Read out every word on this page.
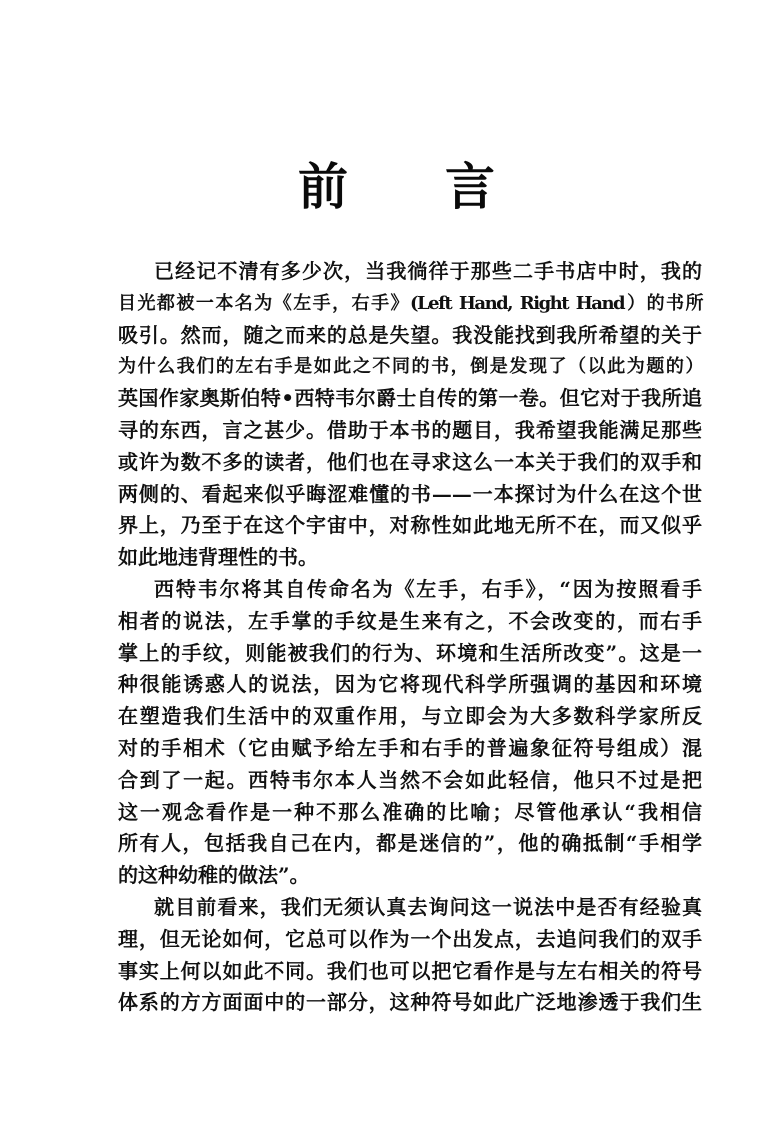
前 言
已经记不清有多少次，当我徜徉于那些二手书店中时，我的
目光都被一本名为《左手，右手》(Left Hand, Right Hand）的书所
吸引。然而，随之而来的总是失望。我没能找到我所希望的关于
为什么我们的左右手是如此之不同的书，倒是发现了（以此为题的）
英国作家奥斯伯特•西特韦尔爵士自传的第一卷。但它对于我所追
寻的东西，言之甚少。借助于本书的题目，我希望我能满足那些
或许为数不多的读者，他们也在寻求这么一本关于我们的双手和
两侧的、看起来似乎晦涩难懂的书——一本探讨为什么在这个世
界上，乃至于在这个宇宙中，对称性如此地无所不在，而又似乎
如此地违背理性的书。
西特韦尔将其自传命名为《左手，右手》，“因为按照看手
相者的说法，左手掌的手纹是生来有之，不会改变的，而右手
掌上的手纹，则能被我们的行为、环境和生活所改变”。这是一
种很能诱惑人的说法，因为它将现代科学所强调的基因和环境
在塑造我们生活中的双重作用，与立即会为大多数科学家所反
对的手相术（它由赋予给左手和右手的普遍象征符号组成）混
合到了一起。西特韦尔本人当然不会如此轻信，他只不过是把
这一观念看作是一种不那么准确的比喻；尽管他承认“我相信
所有人，包括我自己在内，都是迷信的”，他的确抵制“手相学
的这种幼稚的做法”。
就目前看来，我们无须认真去询问这一说法中是否有经验真
理，但无论如何，它总可以作为一个出发点，去追问我们的双手
事实上何以如此不同。我们也可以把它看作是与左右相关的符号
体系的方方面面中的一部分，这种符号如此广泛地渗透于我们生
